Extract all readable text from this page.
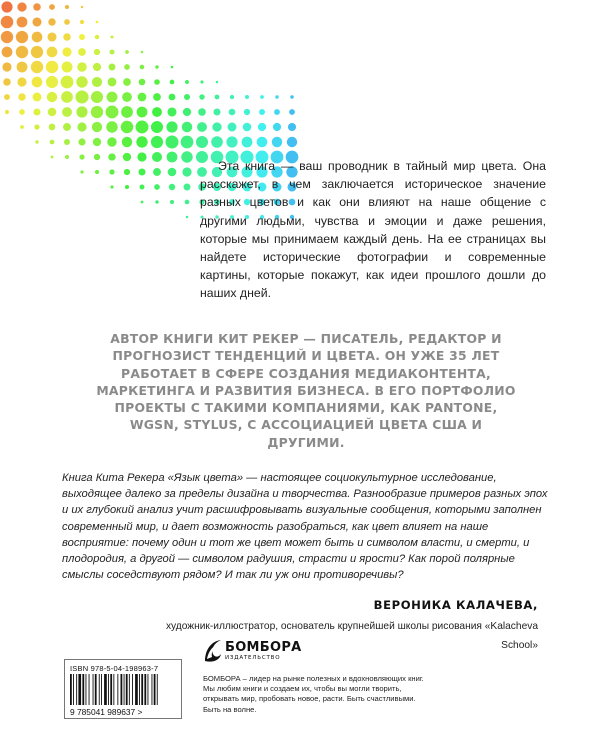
Эта книга — ваш проводник в тайный мир цвета. Она расскажет, в чем заключается историческое значение разных цветов и как они влияют на наше общение с другими людьми, чувства и эмоции и даже решения, которые мы принимаем каждый день. На ее страницах вы найдете исторические фотографии и современные картины, которые покажут, как идеи прошлого дошли до наших дней.

АВТОР КНИГИ КИТ РЕКЕР — ПИСАТЕЛЬ, РЕДАКТОР И ПРОГНОЗИСТ ТЕНДЕНЦИЙ И ЦВЕТА. ОН УЖЕ 35 ЛЕТ РАБОТАЕТ В СФЕРЕ СОЗДАНИЯ МЕДИАКОНТЕНТА, МАРКЕТИНГА И РАЗВИТИЯ БИЗНЕСА. В ЕГО ПОРТФОЛИО ПРОЕКТЫ С ТАКИМИ КОМПАНИЯМИ, КАК PANTONE, WGSN, STYLUS, С АССОЦИАЦИЕЙ ЦВЕТА США И ДРУГИМИ.
Книга Кита Рекера «Язык цвета» — настоящее социокультурное исследование, выходящее далеко за пределы дизайна и творчества. Разнообразие примеров разных эпох и их глубокий анализ учит расшифровывать визуальные сообщения, которыми заполнен современный мир, и дает возможность разобраться, как цвет влияет на наше восприятие: почему один и тот же цвет может быть и символом власти, и смерти, и плодородия, а другой — символом радушия, страсти и ярости? Как порой полярные смыслы соседствуют рядом? И так ли уж они противоречивы?
ВЕРОНИКА КАЛАЧЕВА,
художник-иллюстратор, основатель крупнейшей школы рисования «Kalacheva School»
ISBN 978-5-04-198963-7
9 785041 989637 >
БОМБОРА
ИЗДАТЕЛЬСТВО
БОМБОРА – лидер на рынке полезных и вдохновляющих книг. Мы любим книги и создаем их, чтобы вы могли творить, открывать мир, пробовать новое, расти. Быть счастливыми. Быть на волне.
